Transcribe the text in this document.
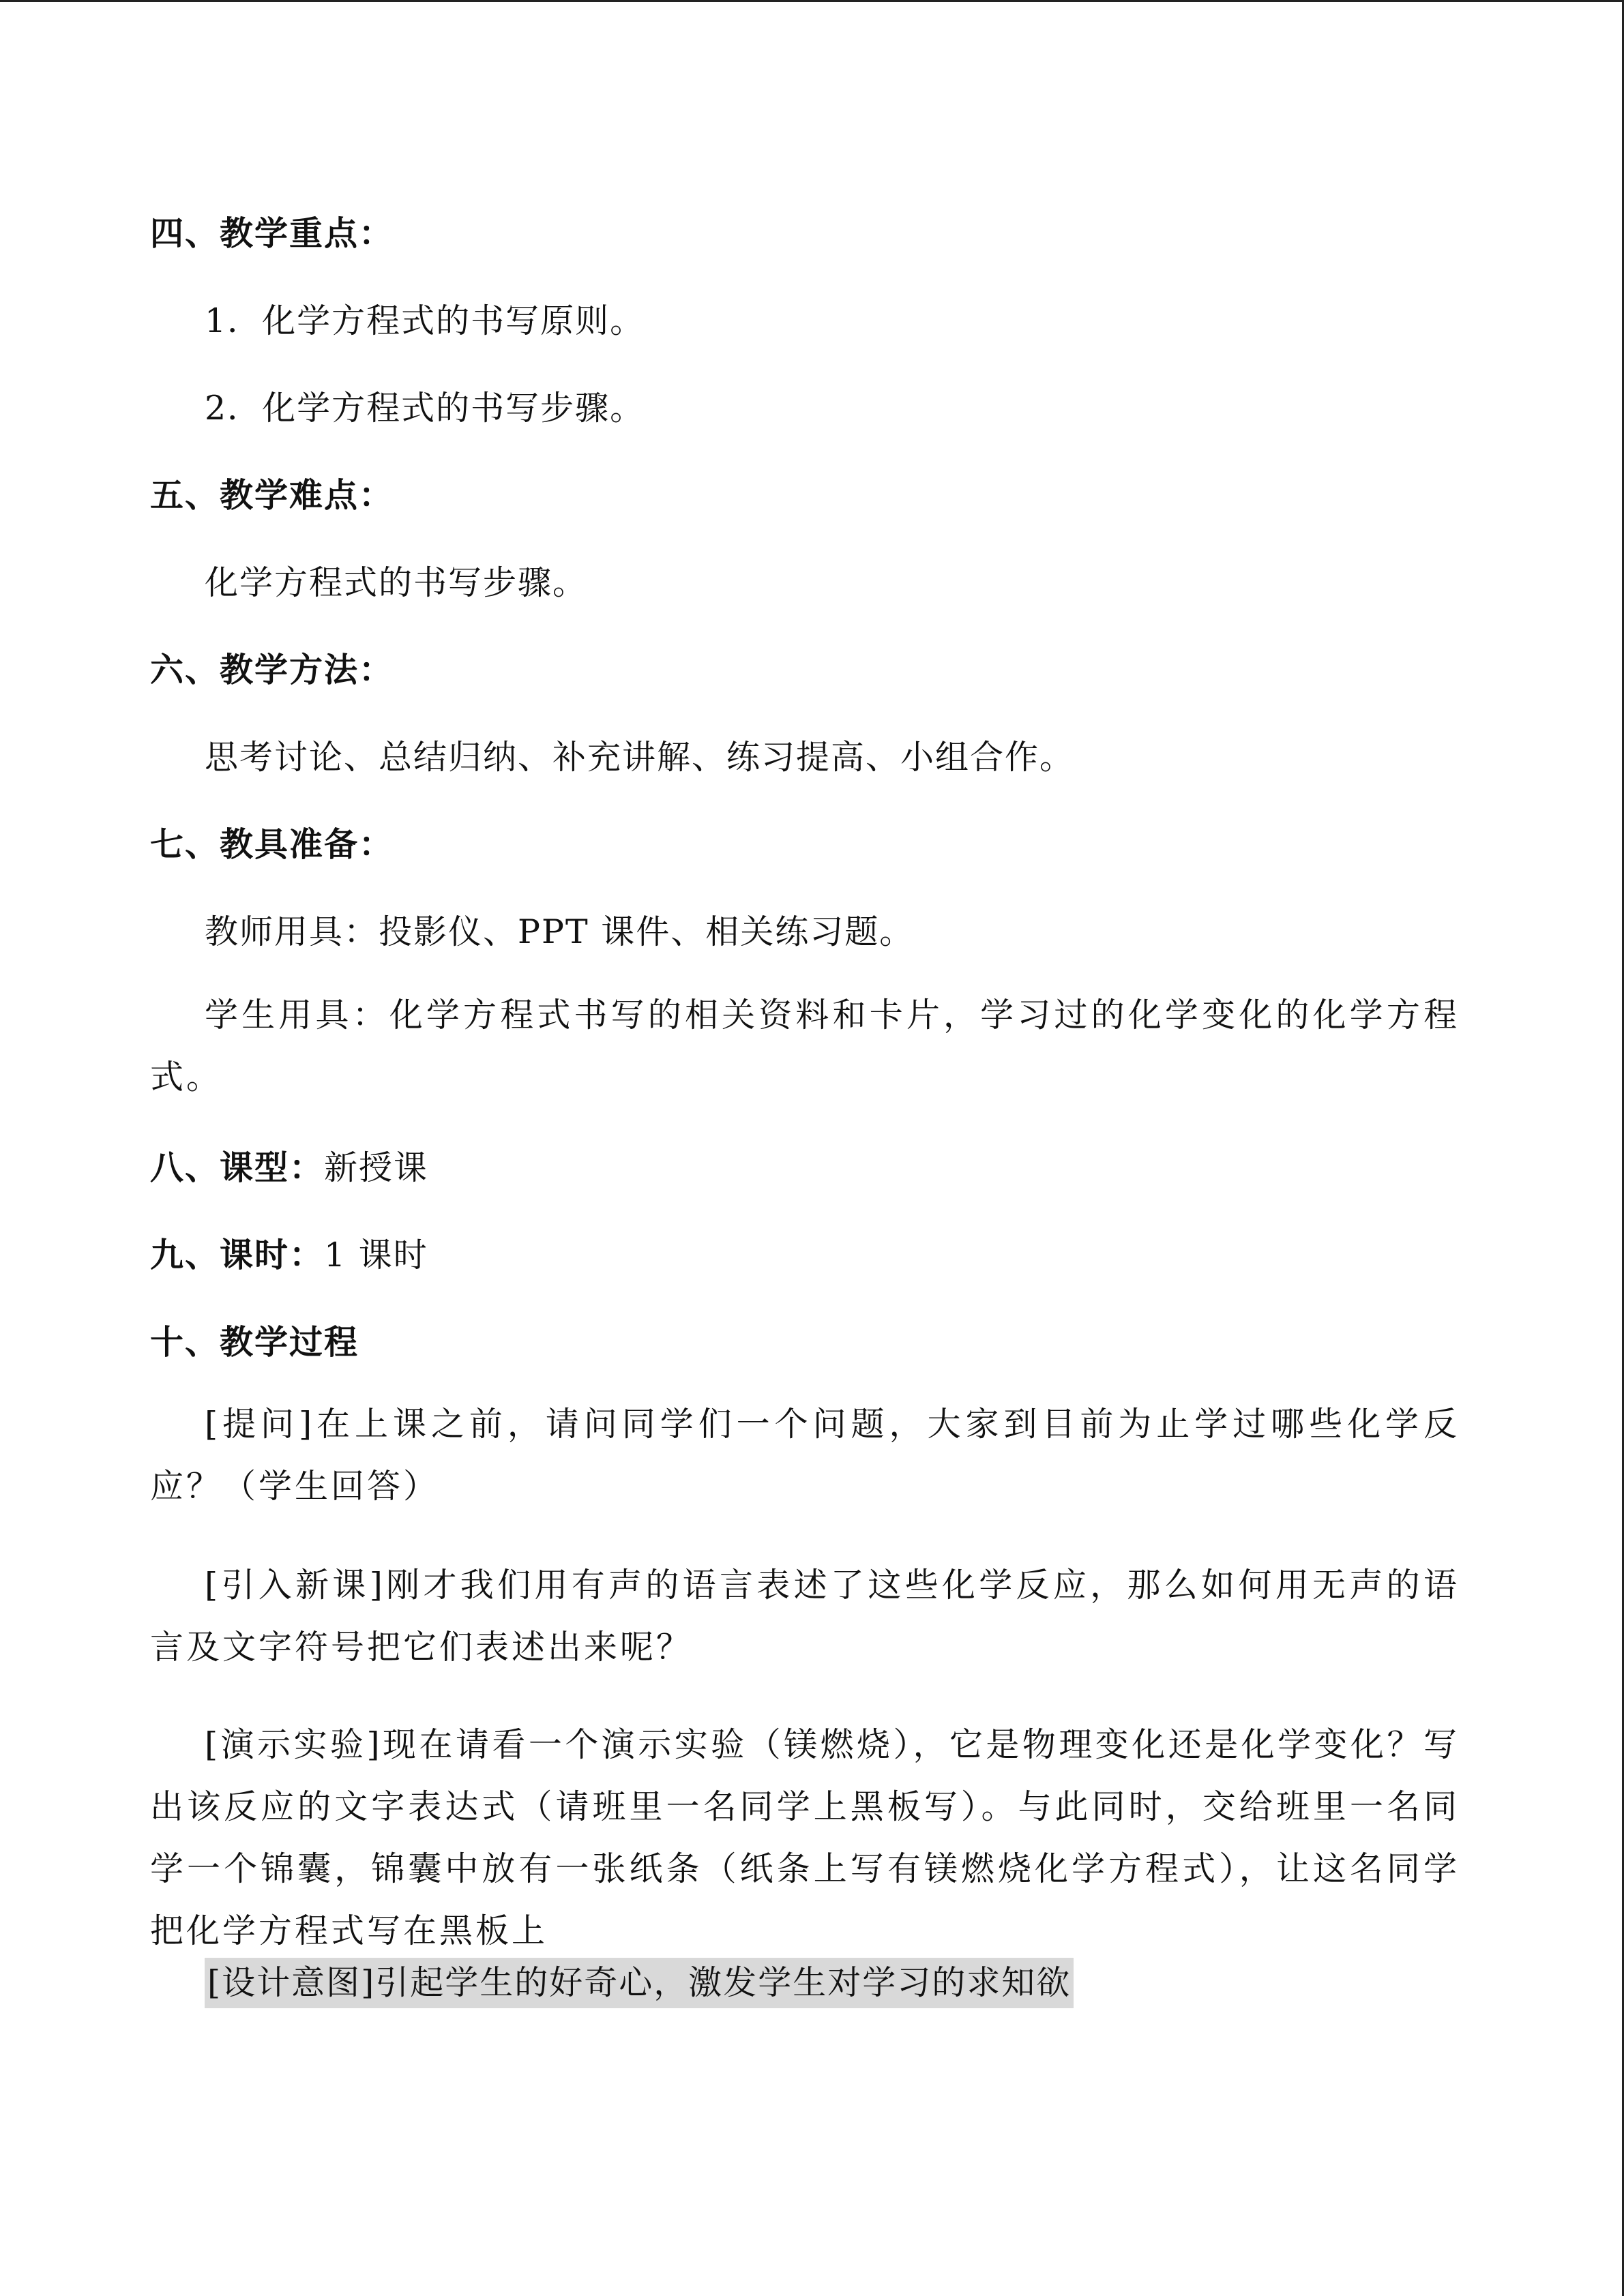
四、教学重点：
1．化学方程式的书写原则。
2．化学方程式的书写步骤。
五、教学难点：
化学方程式的书写步骤。
六、教学方法：
思考讨论、总结归纳、补充讲解、练习提高、小组合作。
七、教具准备：
教师用具：投影仪、PPT 课件、相关练习题。
学生用具：化学方程式书写的相关资料和卡片，学习过的化学变化的化学方程式。
八、课型：新授课
九、课时：1 课时
十、教学过程
[提问]在上课之前，请问同学们一个问题，大家到目前为止学过哪些化学反应？（学生回答）
[引入新课]刚才我们用有声的语言表述了这些化学反应，那么如何用无声的语言及文字符号把它们表述出来呢？
[演示实验]现在请看一个演示实验（镁燃烧），它是物理变化还是化学变化？写出该反应的文字表达式（请班里一名同学上黑板写）。与此同时，交给班里一名同学一个锦囊，锦囊中放有一张纸条（纸条上写有镁燃烧化学方程式），让这名同学把化学方程式写在黑板上
[设计意图]引起学生的好奇心，激发学生对学习的求知欲
